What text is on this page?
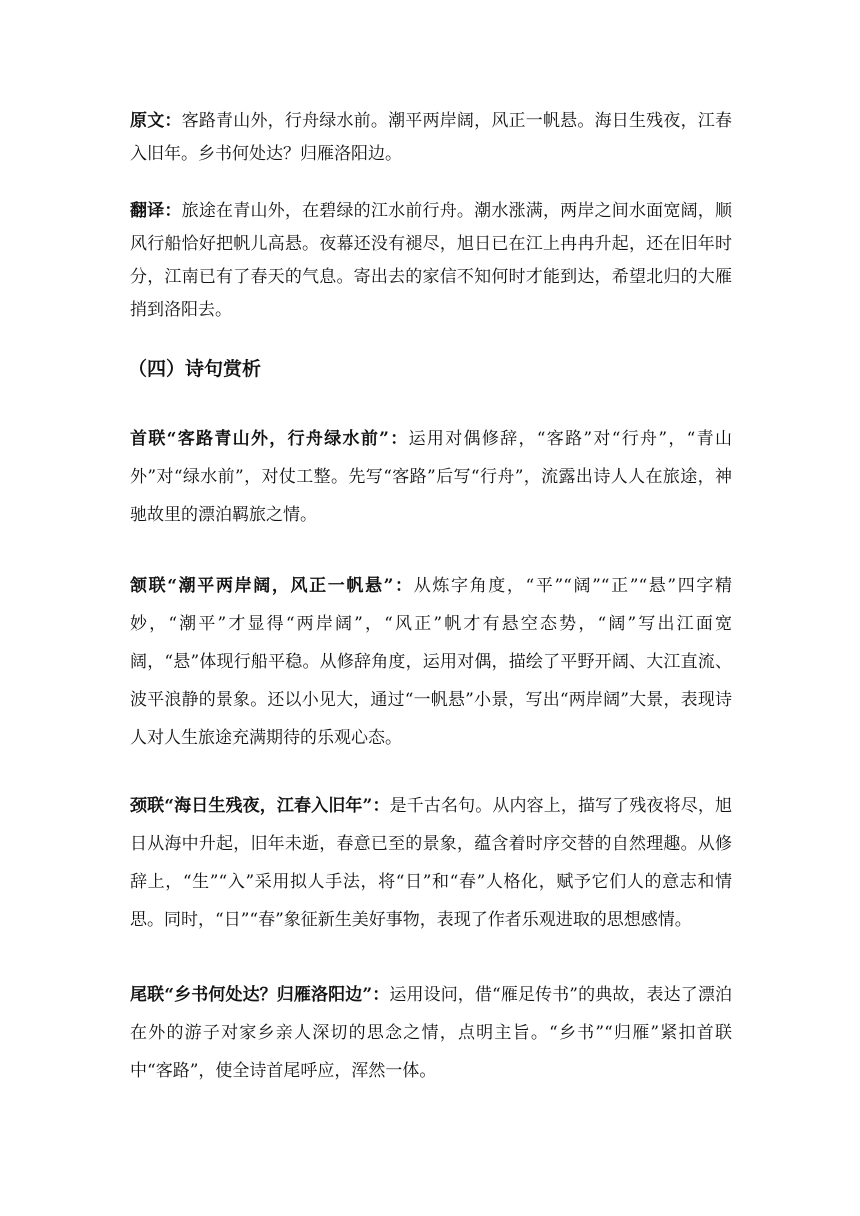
原文：客路青山外，行舟绿水前。潮平两岸阔，风正一帆悬。海日生残夜，江春入旧年。乡书何处达？归雁洛阳边。

翻译：旅途在青山外，在碧绿的江水前行舟。潮水涨满，两岸之间水面宽阔，顺风行船恰好把帆儿高悬。夜幕还没有褪尽，旭日已在江上冉冉升起，还在旧年时分，江南已有了春天的气息。寄出去的家信不知何时才能到达，希望北归的大雁捎到洛阳去。

（四）诗句赏析

首联“客路青山外，行舟绿水前”：运用对偶修辞，“客路”对“行舟”，“青山外”对“绿水前”，对仗工整。先写“客路”后写“行舟”，流露出诗人人在旅途，神驰故里的漂泊羁旅之情。

颔联“潮平两岸阔，风正一帆悬”：从炼字角度，“平”“阔”“正”“悬”四字精妙，“潮平”才显得“两岸阔”，“风正”帆才有悬空态势，“阔”写出江面宽阔，“悬”体现行船平稳。从修辞角度，运用对偶，描绘了平野开阔、大江直流、波平浪静的景象。还以小见大，通过“一帆悬”小景，写出“两岸阔”大景，表现诗人对人生旅途充满期待的乐观心态。

颈联“海日生残夜，江春入旧年”：是千古名句。从内容上，描写了残夜将尽，旭日从海中升起，旧年未逝，春意已至的景象，蕴含着时序交替的自然理趣。从修辞上，“生”“入”采用拟人手法，将“日”和“春”人格化，赋予它们人的意志和情思。同时，“日”“春”象征新生美好事物，表现了作者乐观进取的思想感情。

尾联“乡书何处达？归雁洛阳边”：运用设问，借“雁足传书”的典故，表达了漂泊在外的游子对家乡亲人深切的思念之情，点明主旨。“乡书”“归雁”紧扣首联中“客路”，使全诗首尾呼应，浑然一体。
